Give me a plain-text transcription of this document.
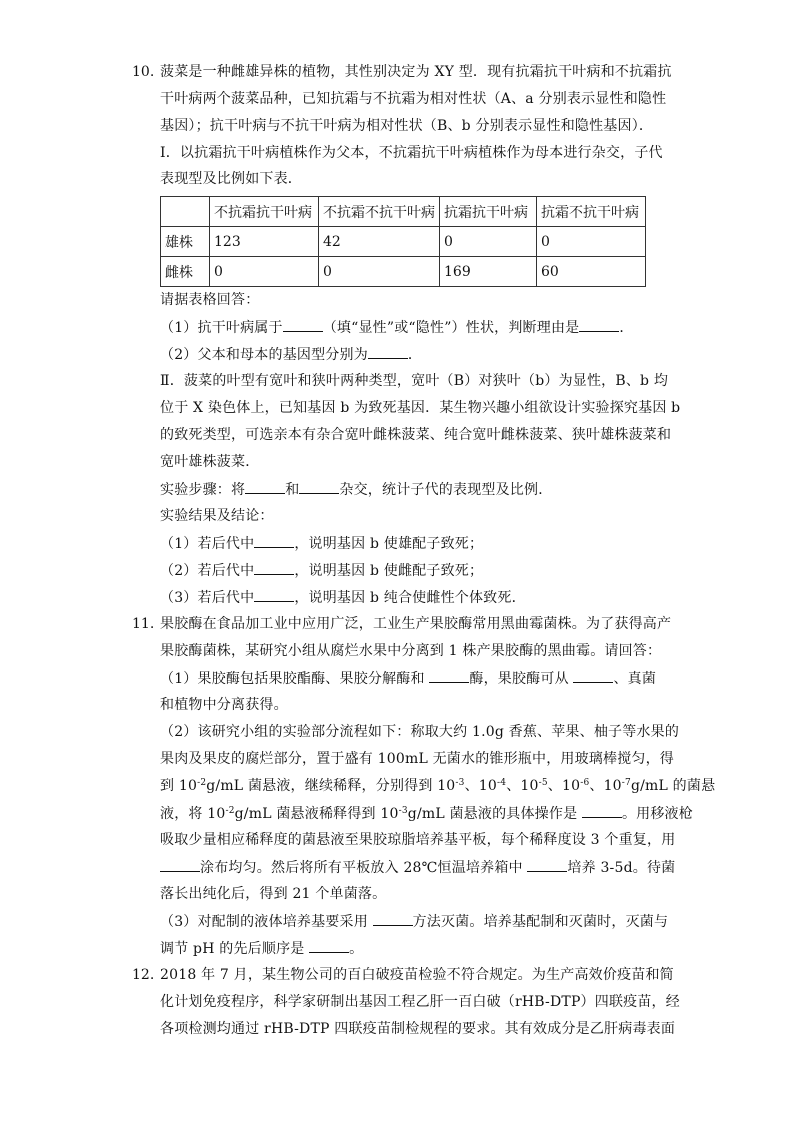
10. 菠菜是一种雌雄异株的植物，其性别决定为 XY 型．现有抗霜抗干叶病和不抗霜抗
干叶病两个菠菜品种，已知抗霜与不抗霜为相对性状（A、a 分别表示显性和隐性
基因）；抗干叶病与不抗干叶病为相对性状（B、b 分别表示显性和隐性基因）．
Ⅰ．以抗霜抗干叶病植株作为父本，不抗霜抗干叶病植株作为母本进行杂交，子代
表现型及比例如下表．
	不抗霜抗干叶病	不抗霜不抗干叶病	抗霜抗干叶病	抗霜不抗干叶病
雄株	123	42	0	0
雌株	0	0	169	60
请据表格回答：
（1）抗干叶病属于	（填“显性”或“隐性”）性状，判断理由是	．
（2）父本和母本的基因型分别为	．
Ⅱ．菠菜的叶型有宽叶和狭叶两种类型，宽叶（B）对狭叶（b）为显性，B、b 均
位于 X 染色体上，已知基因 b 为致死基因．某生物兴趣小组欲设计实验探究基因 b
的致死类型，可选亲本有杂合宽叶雌株菠菜、纯合宽叶雌株菠菜、狭叶雄株菠菜和
宽叶雄株菠菜．
实验步骤：将	和	杂交，统计子代的表现型及比例．
实验结果及结论：
（1）若后代中	，说明基因 b 使雄配子致死；
（2）若后代中	，说明基因 b 使雌配子致死；
（3）若后代中	，说明基因 b 纯合使雌性个体致死．
11. 果胶酶在食品加工业中应用广泛，工业生产果胶酶常用黑曲霉菌株。为了获得高产
果胶酶菌株，某研究小组从腐烂水果中分离到 1 株产果胶酶的黑曲霉。请回答：
（1）果胶酶包括果胶酯酶、果胶分解酶和	酶，果胶酶可从	、真菌
和植物中分离获得。
（2）该研究小组的实验部分流程如下：称取大约 1.0g 香蕉、苹果、柚子等水果的
果肉及果皮的腐烂部分，置于盛有 100mL 无菌水的锥形瓶中，用玻璃棒搅匀，得
到 $10^{-2}g/mL$ 菌悬液，继续稀释，分别得到 $10^{-3}$、$10^{-4}$、$10^{-5}$、$10^{-6}$、$10^{-7}g/mL$ 的菌悬
液，将 $10^{-2}g/mL$ 菌悬液稀释得到 $10^{-3}g/mL$ 菌悬液的具体操作是	。用移液枪
吸取少量相应稀释度的菌悬液至果胶琼脂培养基平板，每个稀释度设 3 个重复，用
涂布均匀。然后将所有平板放入 28℃恒温培养箱中	培养 3-5d。待菌
落长出纯化后，得到 21 个单菌落。
（3）对配制的液体培养基要采用	方法灭菌。培养基配制和灭菌时，灭菌与
调节 pH 的先后顺序是	。
12. 2018 年 7 月，某生物公司的百白破疫苗检验不符合规定。为生产高效价疫苗和简
化计划免疫程序，科学家研制出基因工程乙肝一百白破（rHB-DTP）四联疫苗，经
各项检测均通过 rHB-DTP 四联疫苗制检规程的要求。其有效成分是乙肝病毒表面
